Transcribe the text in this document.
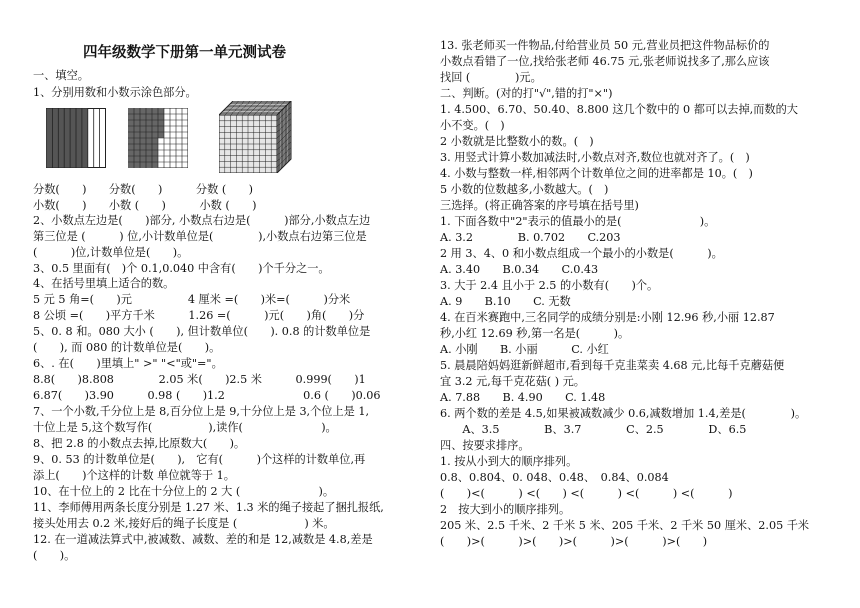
四年级数学下册第一单元测试卷
一、填空。
1、分别用数和小数示涂色部分。
分数(　　)　　分数(　　)　　　分数 (　　)
小数(　　)　　小数 (　　)　　　小数 (　　)
2、小数点左边是(　　)部分, 小数点右边是(　　　)部分,小数点左边
第三位是 (　　　) 位,小计数单位是(　　　　),小数点右边第三位是
(　　　)位,计数单位是(　　)。
3、0.5 里面有(　)个 0.1,0.040 中含有(　　)个千分之一。
4、在括号里填上适合的数。
5 元 5 角=(　　)元　　　　　4 厘米 =(　　)米=(　　　)分米
8 公顷 =(　　)平方千米　　　1.26 =(　　　)元(　　)角(　　)分
5、0. 8 和。080 大小 (　　), 但计数单位(　　). 0.8 的计数单位是
(　　), 而 080 的计数单位是(　　)。
6、. 在(　　)里填上" >" "<"或"="。
8.8(　　)8.808　　　　2.05 米(　　)2.5 米　　　0.999(　　)1
6.87(　　)3.90　　　0.98 (　　)1.2　　　　　　　0.6 (　　)0.06
7、一个小数,千分位上是 8,百分位上是 9,十分位上是 3,个位上是 1,
十位上是 5,这个数写作(　　　　　),读作(　　　　　　　)。
8、把 2.8 的小数点去掉,比原数大(　　)。
9、0. 53 的计数单位是(　　),　它有(　　　)个这样的计数单位,再
添上(　　)个这样的计数 单位就等于 1。
10、在十位上的 2 比在十分位上的 2 大 (　　　　　　　)。
11、李师傅用两条长度分别是 1.27 米、1.3 米的绳子接起了捆扎报纸,
接头处用去 0.2 米,接好后的绳子长度是 (　　　　　　) 米。
12. 在一道减法算式中,被减数、减数、差的和是 12,减数是 4.8,差是
(　　)。
13. 张老师买一件物品,付给营业员 50 元,营业员把这件物品标价的
小数点看错了一位,找给张老师 46.75 元,张老师说找多了,那么应该
找回 (　　　　)元。
二、判断。(对的打"√",错的打"×")
1. 4.500、6.70、50.40、8.800 这几个数中的 0 都可以去掉,而数的大
小不变。(　)
2 小数就是比整数小的数。(　)
3. 用竖式计算小数加减法时,小数点对齐,数位也就对齐了。(　)
4. 小数与整数一样,相邻两个计数单位之间的进率都是 10。(　)
5 小数的位数越多,小数越大。(　)
三选择。(将正确答案的序号填在括号里)
1. 下面各数中"2"表示的值最小的是(　　　　　　　)。
A. 3.2　　　　B. 0.702　　C.203
2 用 3、4、0 和小数点组成一个最小的小数是(　　　)。
A. 3.40　　B.0.34　　C.0.43
3. 大于 2.4 且小于 2.5 的小数有(　　)个。
A. 9　　B.10　　C. 无数
4. 在百米赛跑中,三名同学的成绩分别是:小刚 12.96 秒,小丽 12.87
秒,小红 12.69 秒,第一名是(　　　)。
A. 小刚　　B. 小丽　　　C. 小红
5. 晨晨陪妈妈逛新鲜超市,看到每千克韭菜卖 4.68 元,比每千克蘑菇便
宜 3.2 元,每千克花菇( ) 元。
A. 7.88　　B. 4.90　　C. 1.48
6. 两个数的差是 4.5,如果被减数减少 0.6,减数增加 1.4,差是(　　　　)。
　　A、3.5　　　　B、3.7　　　　C、2.5　　　　D、6.5
四、按要求排序。
1. 按从小到大的顺序排列。
0.8、0.804、0. 048、0.48、　0.84、0.084
(　　)<(　　　) <(　　) <(　　　) <(　　　) <(　　　)
2　按大到小的顺序排列。
205 米、2.5 千米、2 千米 5 米、205 千米、2 千米 50 厘米、2.05 千米
(　　)>(　　　)>(　　)>(　　　)>(　　　)>(　　)
